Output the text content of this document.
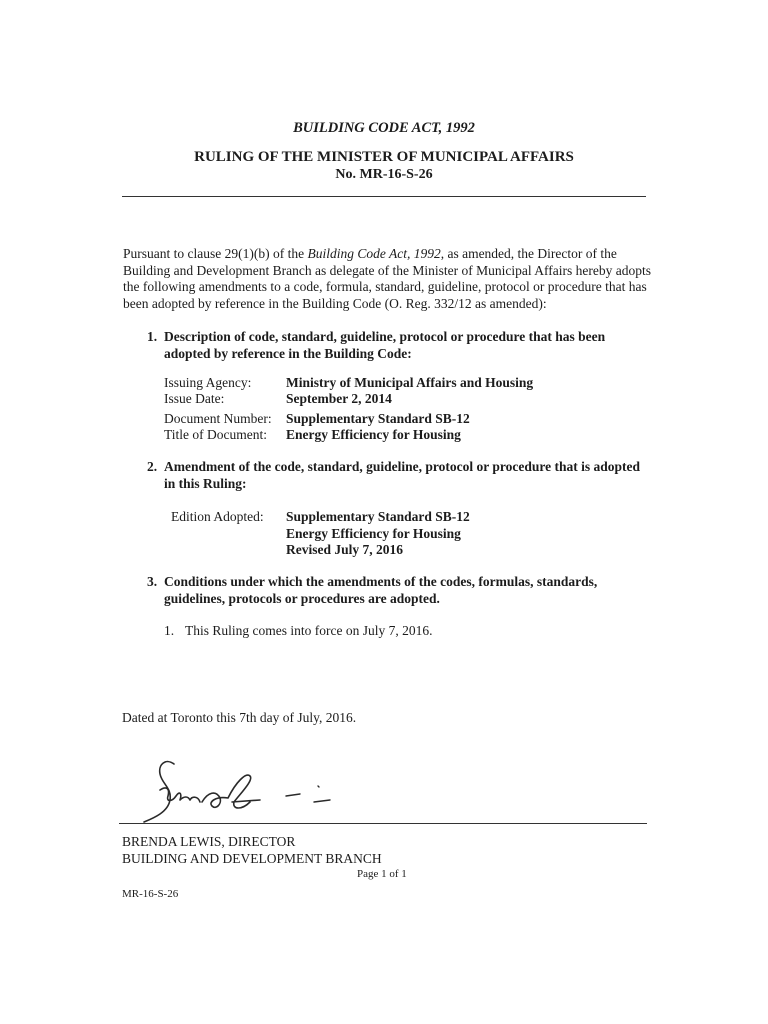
BUILDING CODE ACT, 1992
RULING OF THE MINISTER OF MUNICIPAL AFFAIRS
No. MR-16-S-26
Pursuant to clause 29(1)(b) of the Building Code Act, 1992, as amended, the Director of the Building and Development Branch as delegate of the Minister of Municipal Affairs hereby adopts the following amendments to a code, formula, standard, guideline, protocol or procedure that has been adopted by reference in the Building Code (O. Reg. 332/12 as amended):
1. Description of code, standard, guideline, protocol or procedure that has been
adopted by reference in the Building Code:
Issuing Agency:	Ministry of Municipal Affairs and Housing
Issue Date:	September 2, 2014
Document Number: Supplementary Standard SB-12
Title of Document: Energy Efficiency for Housing
2. Amendment of the code, standard, guideline, protocol or procedure that is adopted
in this Ruling:
Edition Adopted: Supplementary Standard SB-12
Energy Efficiency for Housing
Revised July 7, 2016
3. Conditions under which the amendments of the codes, formulas, standards,
guidelines, protocols or procedures are adopted.
1. This Ruling comes into force on July 7, 2016.
Dated at Toronto this 7th day of July, 2016.
BRENDA LEWIS, DIRECTOR
BUILDING AND DEVELOPMENT BRANCH
Page 1 of 1
MR-16-S-26
